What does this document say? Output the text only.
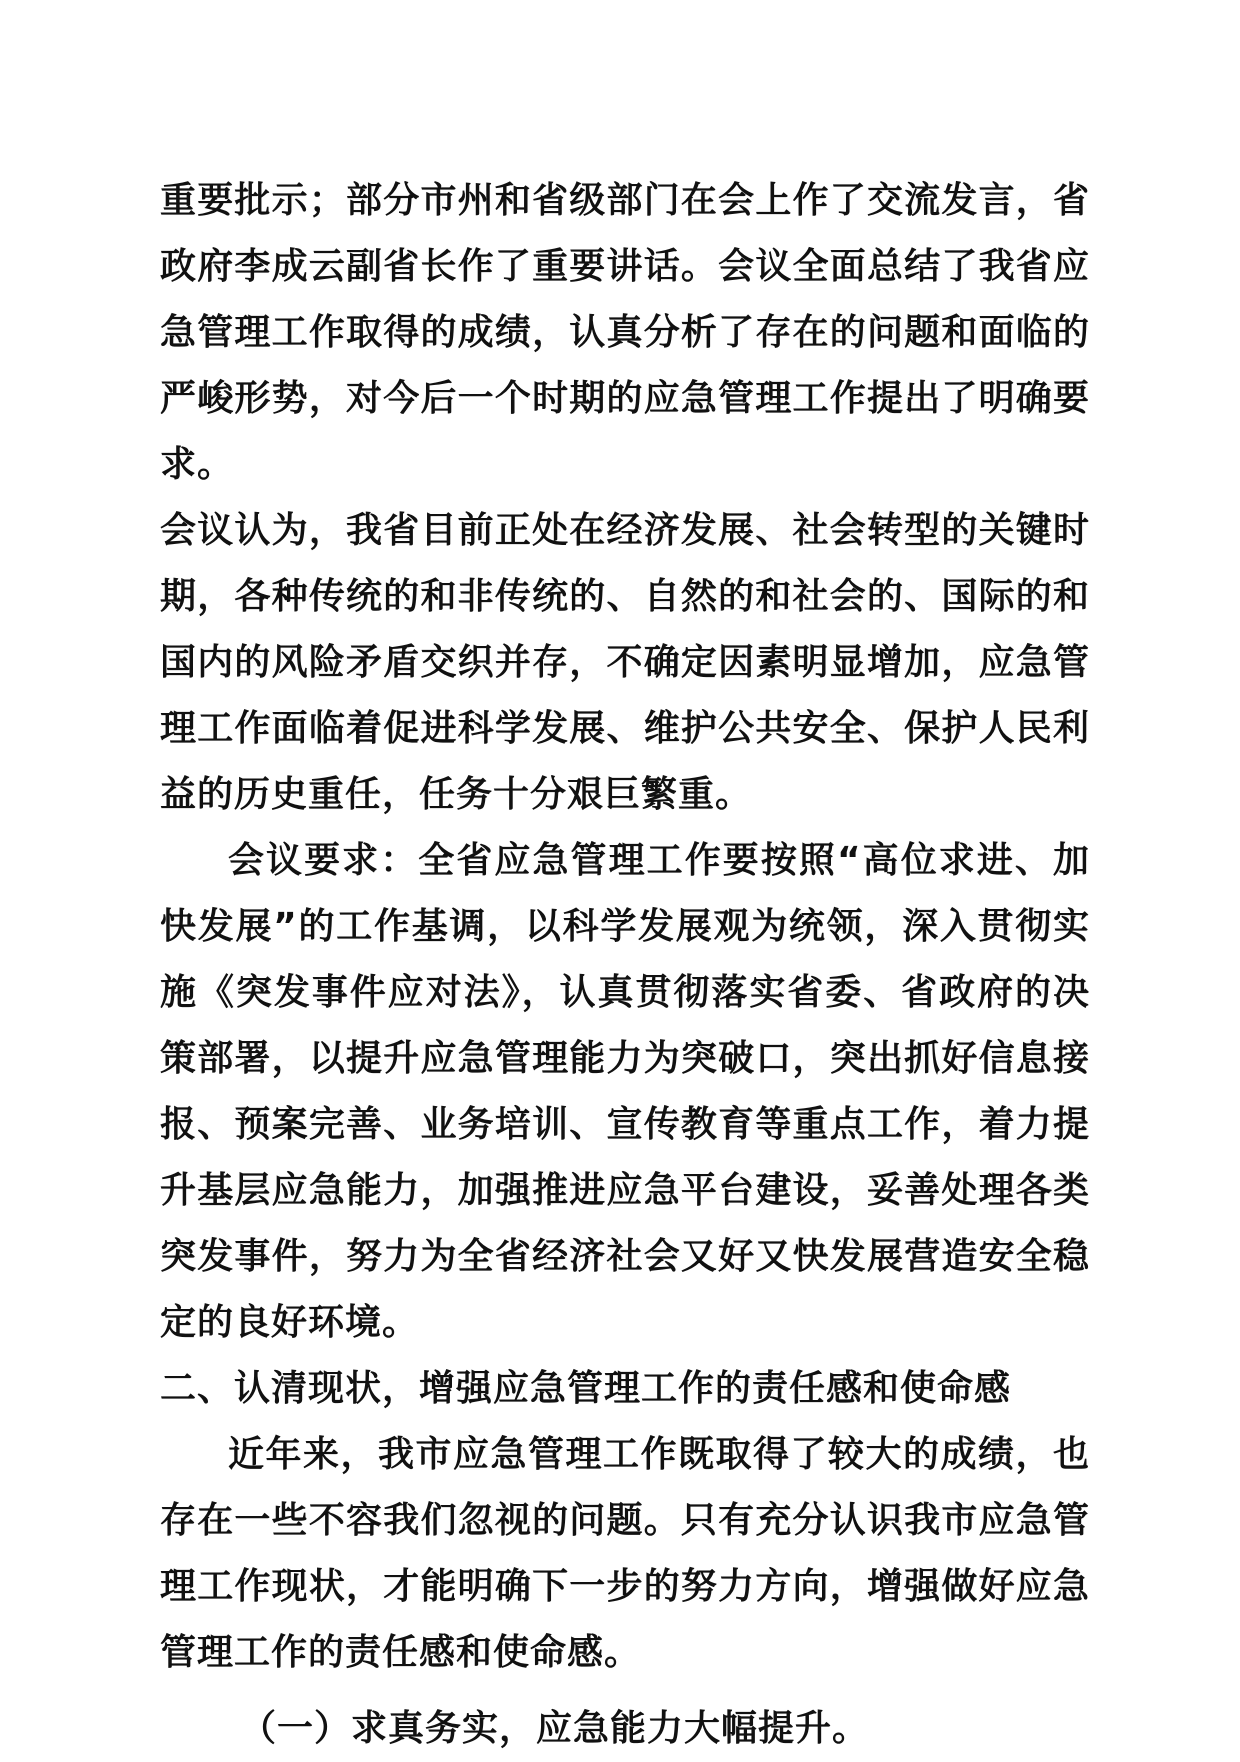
重要批示；部分市州和省级部门在会上作了交流发言，省政府李成云副省长作了重要讲话。会议全面总结了我省应急管理工作取得的成绩，认真分析了存在的问题和面临的严峻形势，对今后一个时期的应急管理工作提出了明确要求。

会议认为，我省目前正处在经济发展、社会转型的关键时期，各种传统的和非传统的、自然的和社会的、国际的和国内的风险矛盾交织并存，不确定因素明显增加，应急管理工作面临着促进科学发展、维护公共安全、保护人民利益的历史重任，任务十分艰巨繁重。

会议要求：全省应急管理工作要按照“高位求进、加快发展”的工作基调，以科学发展观为统领，深入贯彻实施《突发事件应对法》，认真贯彻落实省委、省政府的决策部署，以提升应急管理能力为突破口，突出抓好信息接报、预案完善、业务培训、宣传教育等重点工作，着力提升基层应急能力，加强推进应急平台建设，妥善处理各类突发事件，努力为全省经济社会又好又快发展营造安全稳定的良好环境。

二、认清现状，增强应急管理工作的责任感和使命感

近年来，我市应急管理工作既取得了较大的成绩，也存在一些不容我们忽视的问题。只有充分认识我市应急管理工作现状，才能明确下一步的努力方向，增强做好应急管理工作的责任感和使命感。

（一）求真务实，应急能力大幅提升。
